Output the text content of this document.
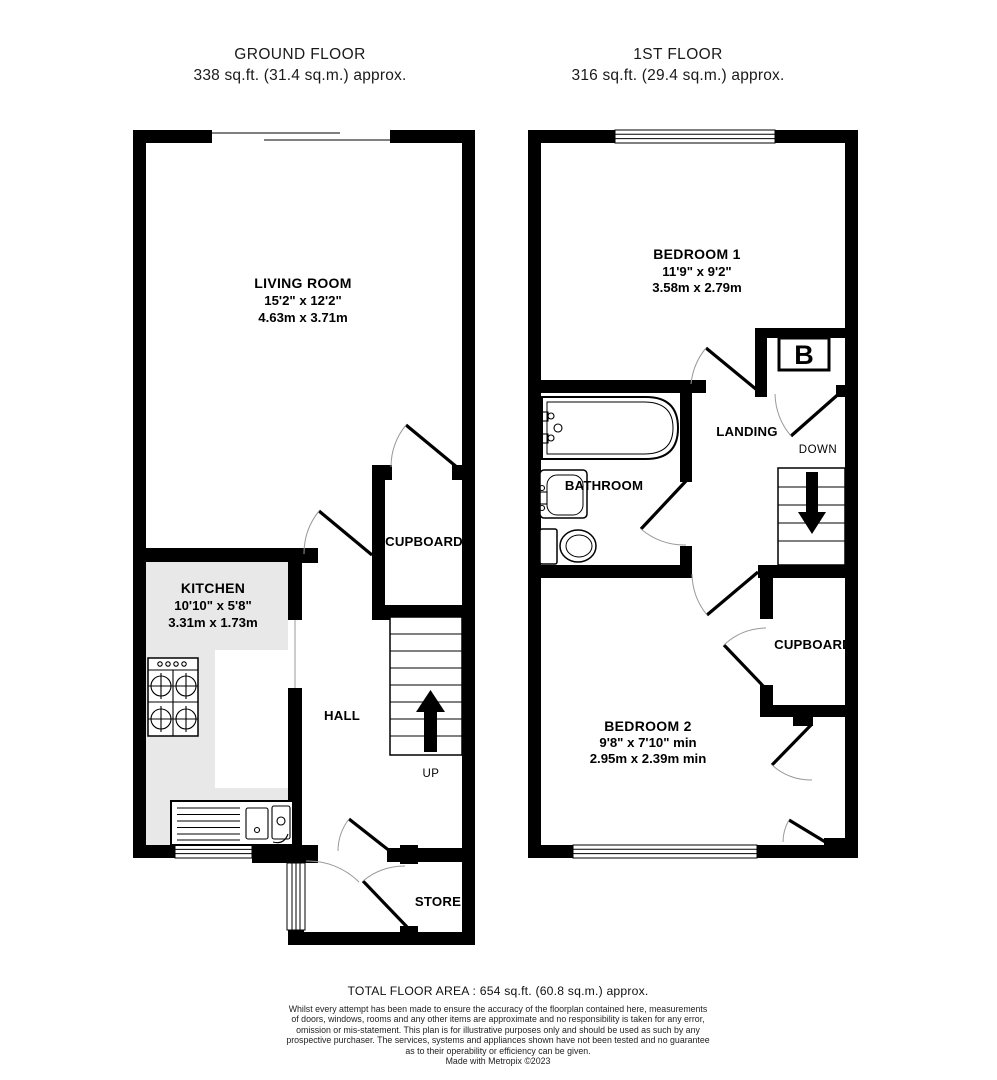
GROUND FLOOR
338 sq.ft. (31.4 sq.m.) approx.
1ST FLOOR
316 sq.ft. (29.4 sq.m.) approx.
LIVING ROOM
15'2" x 12'2"
4.63m x 3.71m
KITCHEN
10'10" x 5'8"
3.31m x 1.73m
CUPBOARD
HALL
UP
STORE
B
BEDROOM 1
11'9" x 9'2"
3.58m x 2.79m
BEDROOM 2
9'8" x 7'10" min
2.95m x 2.39m min
BATHROOM
LANDING
DOWN
CUPBOARD
TOTAL FLOOR AREA : 654 sq.ft. (60.8 sq.m.) approx.
Whilst every attempt has been made to ensure the accuracy of the floorplan contained here, measurements
of doors, windows, rooms and any other items are approximate and no responsibility is taken for any error,
omission or mis-statement. This plan is for illustrative purposes only and should be used as such by any
prospective purchaser. The services, systems and appliances shown have not been tested and no guarantee
as to their operability or efficiency can be given.
Made with Metropix ©2023
